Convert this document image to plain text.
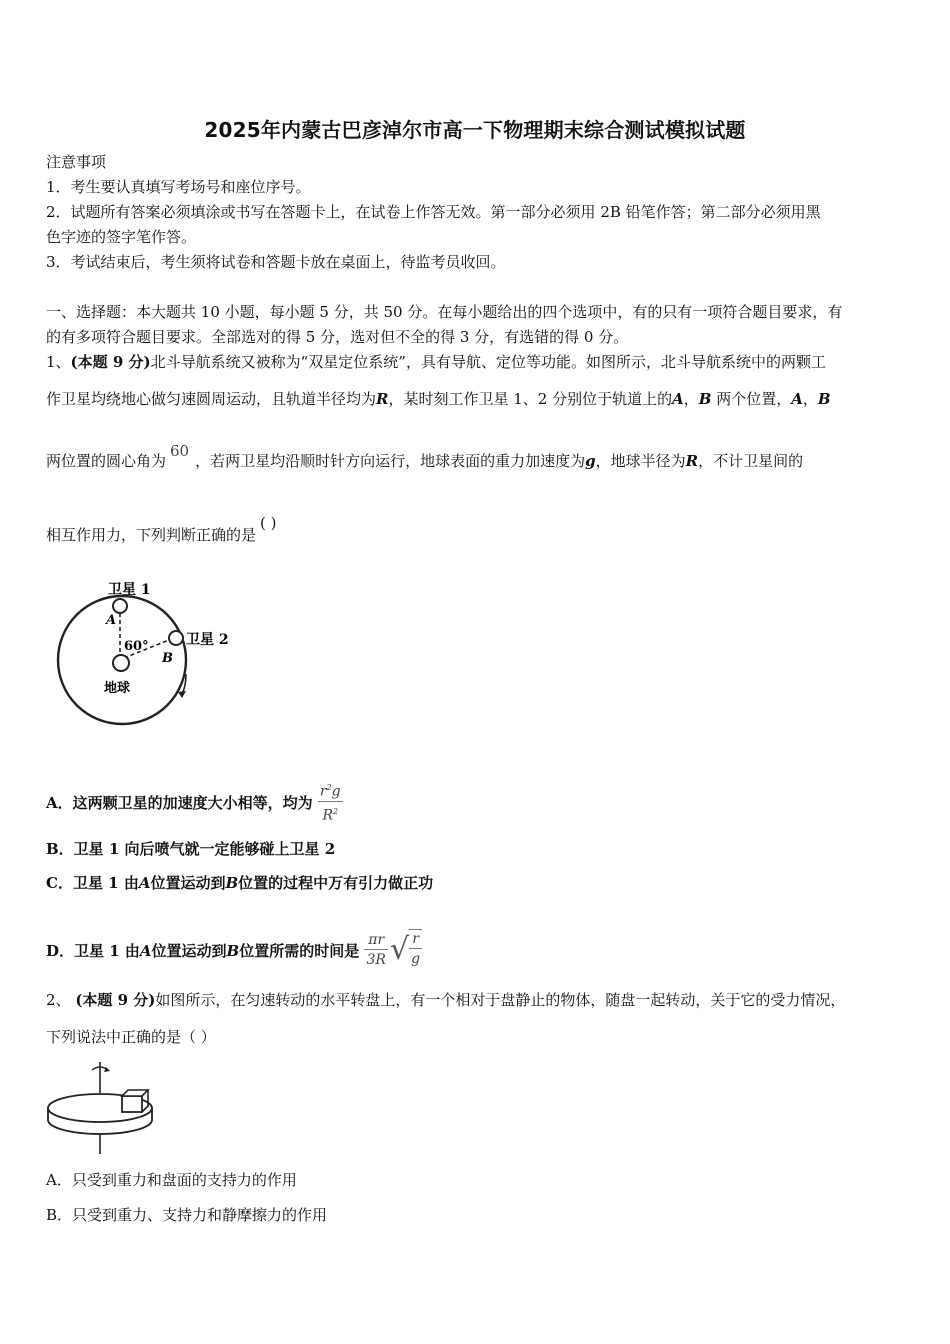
2025年内蒙古巴彦淖尔市高一下物理期末综合测试模拟试题
注意事项
1．考生要认真填写考场号和座位序号。
2．试题所有答案必须填涂或书写在答题卡上，在试卷上作答无效。第一部分必须用 2B 铅笔作答；第二部分必须用黑
色字迹的签字笔作答。
3．考试结束后，考生须将试卷和答题卡放在桌面上，待监考员收回。
一、选择题：本大题共 10 小题，每小题 5 分，共 50 分。在每小题给出的四个选项中，有的只有一项符合题目要求，有
的有多项符合题目要求。全部选对的得 5 分，选对但不全的得 3 分，有选错的得 0 分。
1、(本题 9 分)北斗导航系统又被称为“双星定位系统”，具有导航、定位等功能。如图所示，北斗导航系统中的两颗工
作卫星均绕地心做匀速圆周运动，且轨道半径均为R，某时刻工作卫星 1、2 分别位于轨道上的A，B 两个位置，A，B
两位置的圆心角为60，若两卫星均沿顺时针方向运行，地球表面的重力加速度为g，地球半径为R，不计卫星间的
相互作用力，下列判断正确的是( )
卫星 1
卫星 2
60°
A
B
地球
A．这两颗卫星的加速度大小相等，均为 $\frac{r^2g}{R^2}$
B．卫星 1 向后喷气就一定能够碰上卫星 2
C．卫星 1 由A位置运动到B位置的过程中万有引力做正功
D．卫星 1 由A位置运动到B位置所需的时间是 $\frac{\pi r}{3R}$ √ $\frac{r}{g}$
2、 (本题 9 分)如图所示，在匀速转动的水平转盘上，有一个相对于盘静止的物体，随盘一起转动，关于它的受力情况，
下列说法中正确的是（ ）
A．只受到重力和盘面的支持力的作用
B．只受到重力、支持力和静摩擦力的作用
